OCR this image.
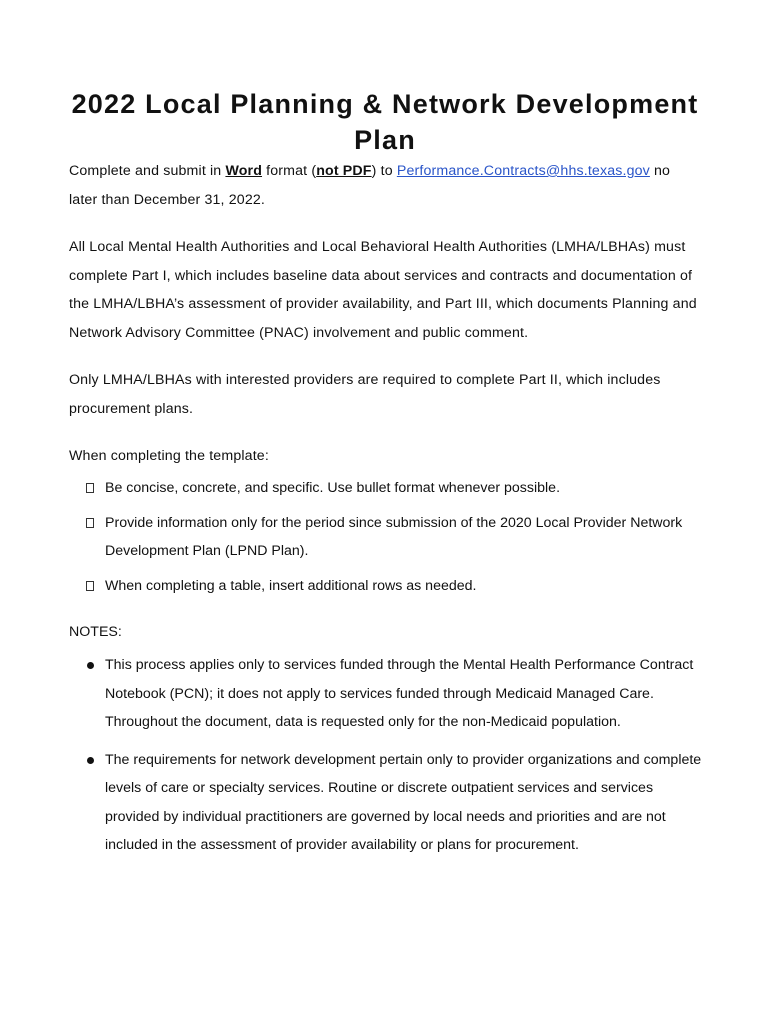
2022 Local Planning & Network Development Plan
Complete and submit in Word format (not PDF) to Performance.Contracts@hhs.texas.gov no later than December 31, 2022.
All Local Mental Health Authorities and Local Behavioral Health Authorities (LMHA/LBHAs) must complete Part I, which includes baseline data about services and contracts and documentation of the LMHA/LBHA’s assessment of provider availability, and Part III, which documents Planning and Network Advisory Committee (PNAC) involvement and public comment.
Only LMHA/LBHAs with interested providers are required to complete Part II, which includes procurement plans.
When completing the template:
Be concise, concrete, and specific. Use bullet format whenever possible.
Provide information only for the period since submission of the 2020 Local Provider Network Development Plan (LPND Plan).
When completing a table, insert additional rows as needed.
NOTES:
This process applies only to services funded through the Mental Health Performance Contract Notebook (PCN); it does not apply to services funded through Medicaid Managed Care. Throughout the document, data is requested only for the non-Medicaid population.
The requirements for network development pertain only to provider organizations and complete levels of care or specialty services. Routine or discrete outpatient services and services provided by individual practitioners are governed by local needs and priorities and are not included in the assessment of provider availability or plans for procurement.
